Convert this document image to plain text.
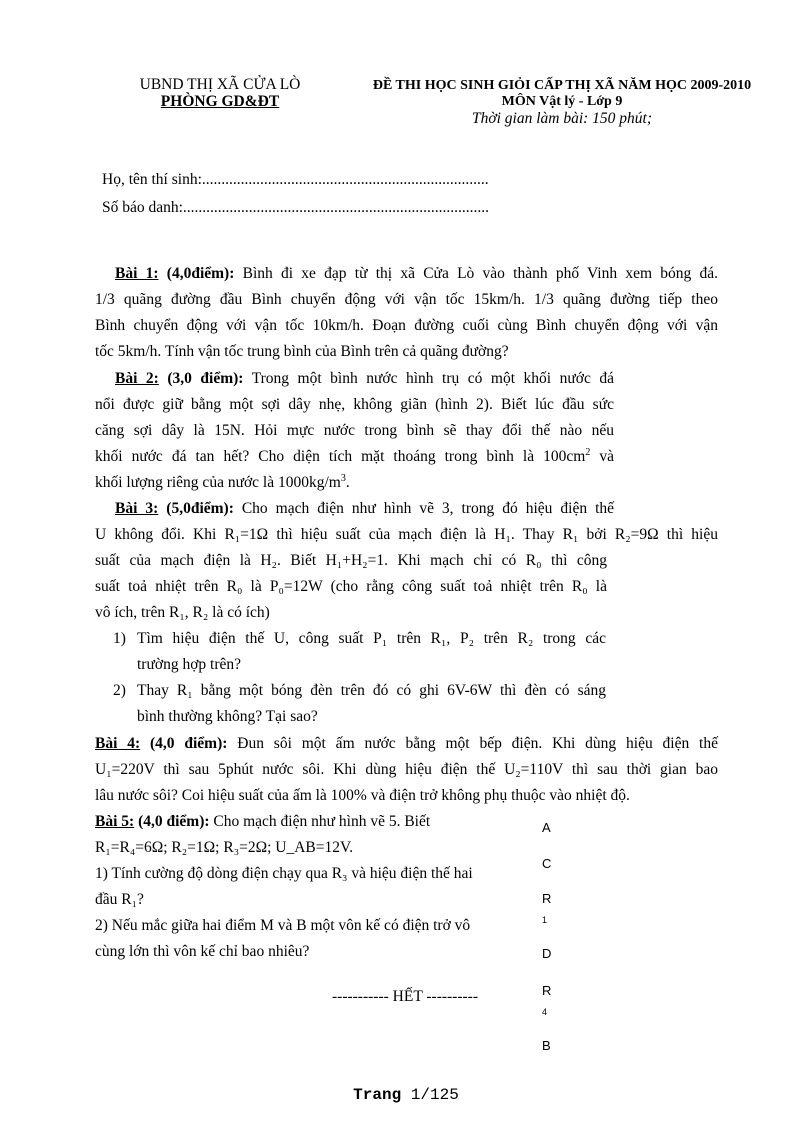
UBND THỊ XÃ CỬA LÒ
PHÒNG GD&ĐT
ĐỀ THI HỌC SINH GIỎI CẤP THỊ XÃ NĂM HỌC 2009-2010
MÔN Vật lý - Lớp 9
Thời gian làm bài: 150 phút;
Họ, tên thí sinh:..........................................................................
Số báo danh:...............................................................................

Bài 1: (4,0điểm): Bình đi xe đạp từ thị xã Cửa Lò vào thành phố Vinh xem bóng đá.

1/3 quãng đường đầu Bình chuyển động với vận tốc 15km/h. 1/3 quãng đường tiếp theo

Bình chuyển động với vận tốc 10km/h. Đoạn đường cuối cùng Bình chuyển động với vận

tốc 5km/h. Tính vận tốc trung bình của Bình trên cả quãng đường?

Bài 2: (3,0 điểm): Trong một bình nước hình trụ có một khối nước đá

nổi được giữ bằng một sợi dây nhẹ, không giãn (hình 2). Biết lúc đầu sức

căng sợi dây là 15N. Hỏi mực nước trong bình sẽ thay đổi thế nào nếu

khối nước đá tan hết? Cho diện tích mặt thoáng trong bình là $100cm^2$ và

khối lượng riêng của nước là $1000kg/m^3$.

Bài 3: (5,0điểm): Cho mạch điện như hình vẽ 3, trong đó hiệu điện thế

U không đổi. Khi R₁=1Ω thì hiệu suất của mạch điện là H₁. Thay R₁ bởi R₂=9Ω thì hiệu

suất của mạch điện là H₂. Biết H₁+H₂=1. Khi mạch chỉ có R₀ thì công

suất toả nhiệt trên R₀ là P₀=12W (cho rằng công suất toả nhiệt trên R₀ là

vô ích, trên R₁, R₂ là có ích)

1) Tìm hiệu điện thế U, công suất P₁ trên R₁, P₂ trên R₂ trong các

trường hợp trên?

2) Thay R₁ bằng một bóng đèn trên đó có ghi 6V-6W thì đèn có sáng

bình thường không? Tại sao?

Bài 4: (4,0 điểm): Đun sôi một ấm nước bằng một bếp điện. Khi dùng hiệu điện thế

U₁=220V thì sau 5phút nước sôi. Khi dùng hiệu điện thế U₂=110V thì sau thời gian bao

lâu nước sôi? Coi hiệu suất của ấm là 100% và điện trở không phụ thuộc vào nhiệt độ.

Bài 5: (4,0 điểm): Cho mạch điện như hình vẽ 5. Biết

R₁=R₄=6Ω; R₂=1Ω; R₃=2Ω; U_AB=12V.

1) Tính cường độ dòng điện chạy qua R₃ và hiệu điện thế hai

đầu R₁?

2) Nếu mắc giữa hai điểm M và B một vôn kế có điện trở vô

cùng lớn thì vôn kế chỉ bao nhiêu?

A
C
R
1
D
R
4
B
----------- HẾT ----------
Trang 1/125
